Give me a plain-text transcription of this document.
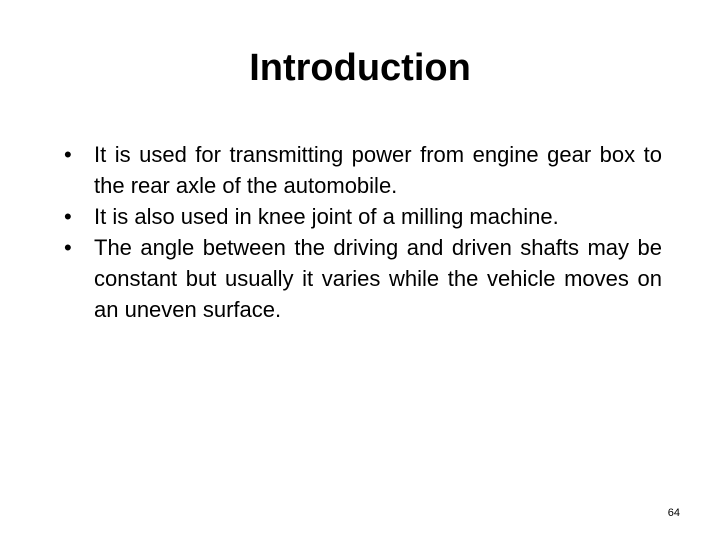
Introduction
• It is used for transmitting power from engine gear box to the rear axle of the automobile.
• It is also used in knee joint of a milling machine.
• The angle between the driving and driven shafts may be constant but usually it varies while the vehicle moves on an uneven surface.
64
